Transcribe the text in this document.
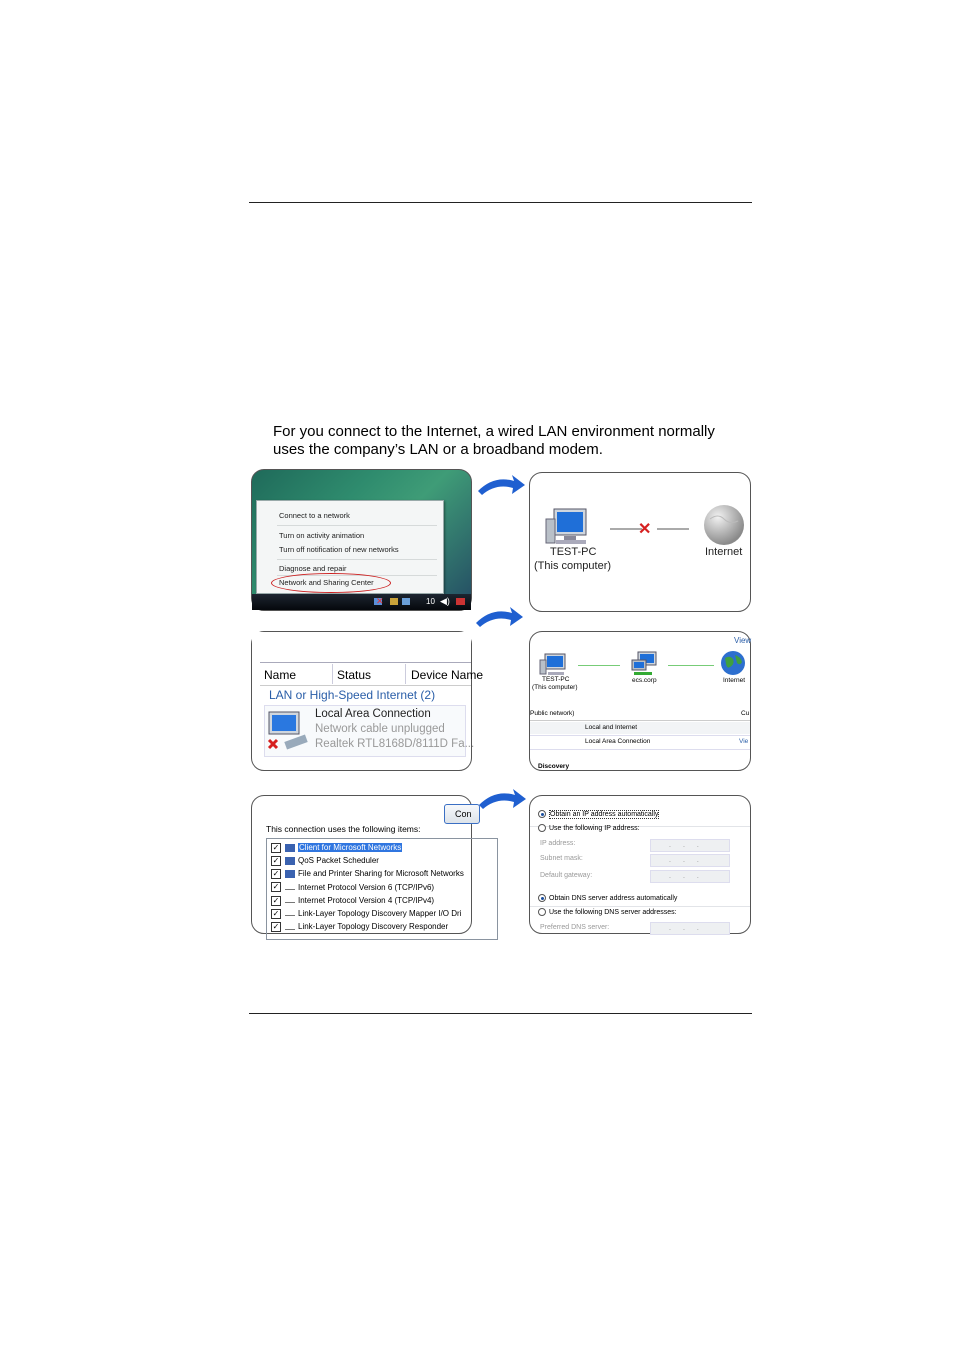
For you connect to the Internet, a wired LAN environment normally

uses the company’s LAN or a broadband modem.

Connect to a network
Turn on activity animation
Turn off notification of new networks
Diagnose and repair
Network and Sharing Center
✕	10 ◀)
✕
TEST-PC
(This computer)
Internet
Name	Status	Device Name
LAN or High-Speed Internet (2)
Local Area Connection
Network cable unplugged
Realtek RTL8168D/8111D Fa...
View
TEST-PC
(This computer)
ecs.corp	Internet
Public network)	Cu
Local and Internet
Local Area Connection	Vie
Discovery
Con
This connection uses the following items:
✓ Client for Microsoft Networks
✓ QoS Packet Scheduler
✓ File and Printer Sharing for Microsoft Networks
✓ Internet Protocol Version 6 (TCP/IPv6)
✓ Internet Protocol Version 4 (TCP/IPv4)
✓ Link-Layer Topology Discovery Mapper I/O Dri
✓ Link-Layer Topology Discovery Responder
Obtain an IP address automatically
Use the following IP address:
IP address:	...
Subnet mask:	...
Default gateway:	...
Obtain DNS server address automatically
Use the following DNS server addresses:
Preferred DNS server:	...
